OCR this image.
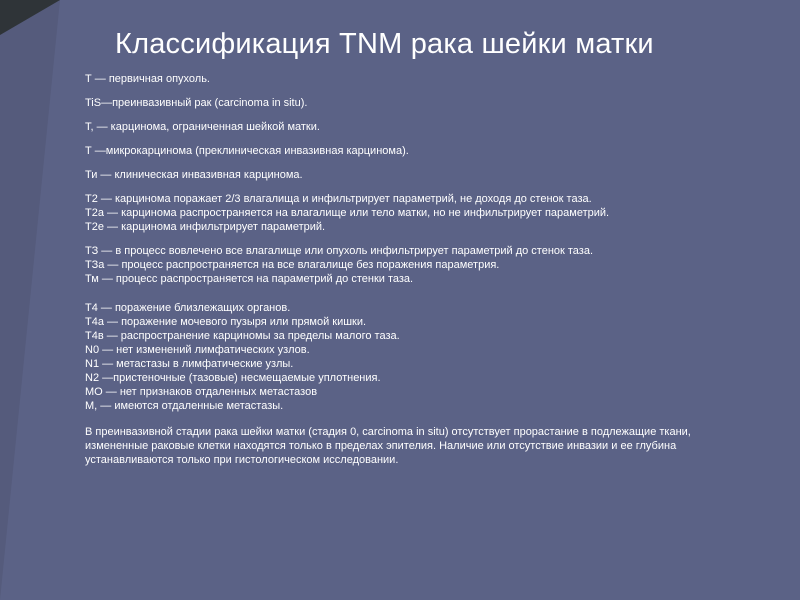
Классификация TNM рака шейки матки

Т — первичная опухоль.

TiS—преинвазивный рак (carcinoma in situ).

Т, — карцинома, ограниченная шейкой матки.

Т —микрокарцинома (преклиническая инвазивная карцинома).

Ти — клиническая инвазивная карцинома.

Т2 — карцинома поражает 2/3 влагалища и инфильтрирует параметрий, не доходя до стенок таза.

Т2а — карцинома распространяется на влагалище или тело матки, но не инфильтрирует параметрий.

Т2е — карцинома инфильтрирует параметрий.

ТЗ — в процесс вовлечено все влагалище или опухоль инфильтрирует параметрий до стенок таза.

ТЗа — процесс распространяется на все влагалище без поражения параметрия.

Тм — процесс распространяется на параметрий до стенки таза.

Т4 — поражение близлежащих органов.

Т4а — поражение мочевого пузыря или прямой кишки.

Т4в — распространение карциномы за пределы малого таза.

N0 — нет изменений лимфатических узлов.

N1 — метастазы в лимфатические узлы.

N2 —пристеночные (тазовые) несмещаемые уплотнения.

МО — нет признаков отдаленных метастазов

М, — имеются отдаленные метастазы.

В преинвазивной стадии рака шейки матки (стадия 0, carcinoma in situ) отсутствует прорастание в подлежащие ткани, измененные раковые клетки находятся только в пределах эпителия. Наличие или отсутствие инвазии и ее глубина устанавливаются только при гистологическом исследовании.
